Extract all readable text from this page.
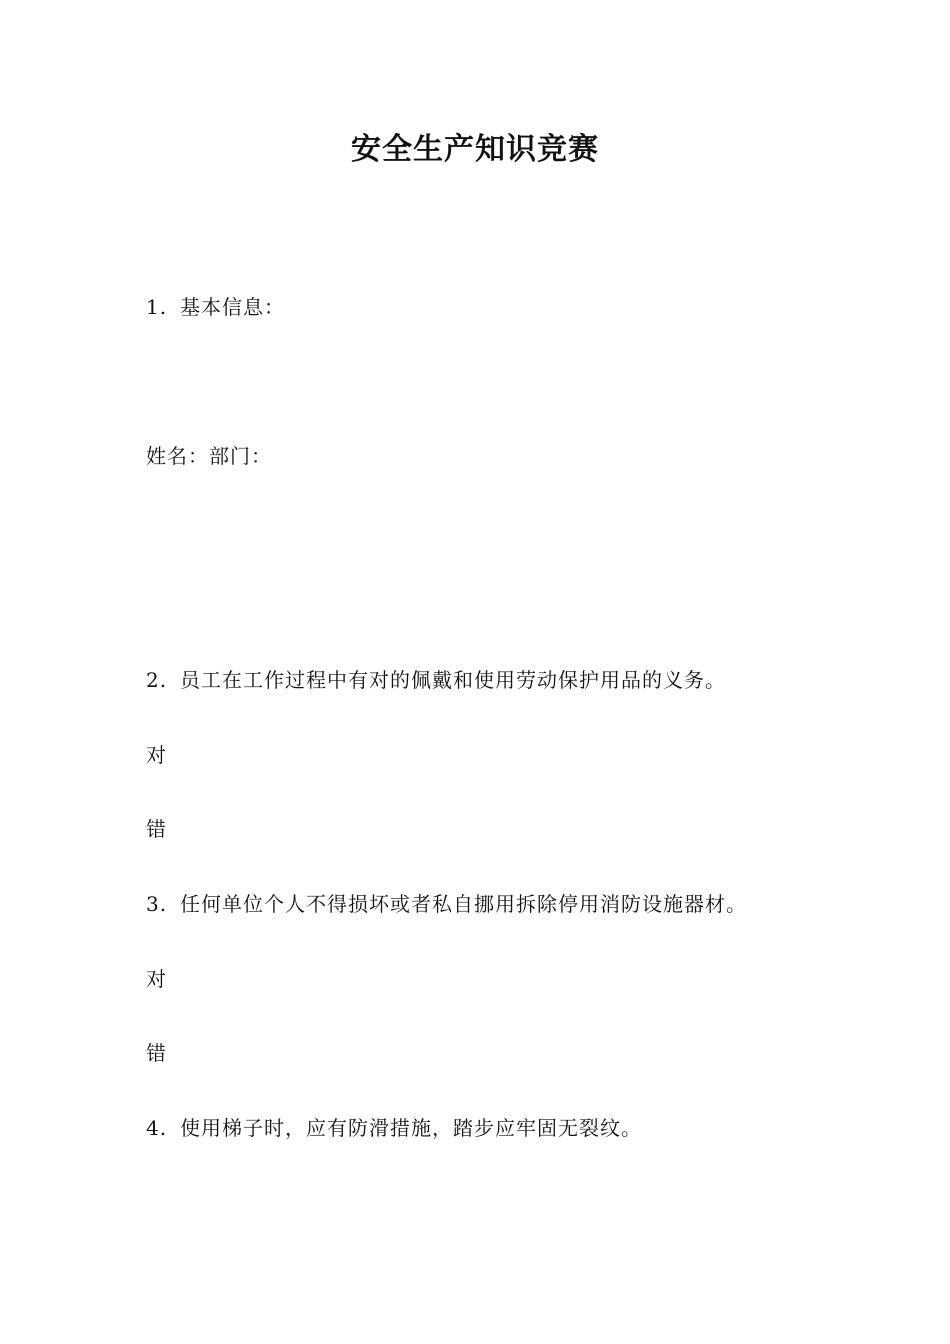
安全生产知识竞赛
1. 基本信息：
姓名：部门：
2. 员工在工作过程中有对的佩戴和使用劳动保护用品的义务。
对
错
3. 任何单位个人不得损坏或者私自挪用拆除停用消防设施器材。
对
错
4. 使用梯子时，应有防滑措施，踏步应牢固无裂纹。
